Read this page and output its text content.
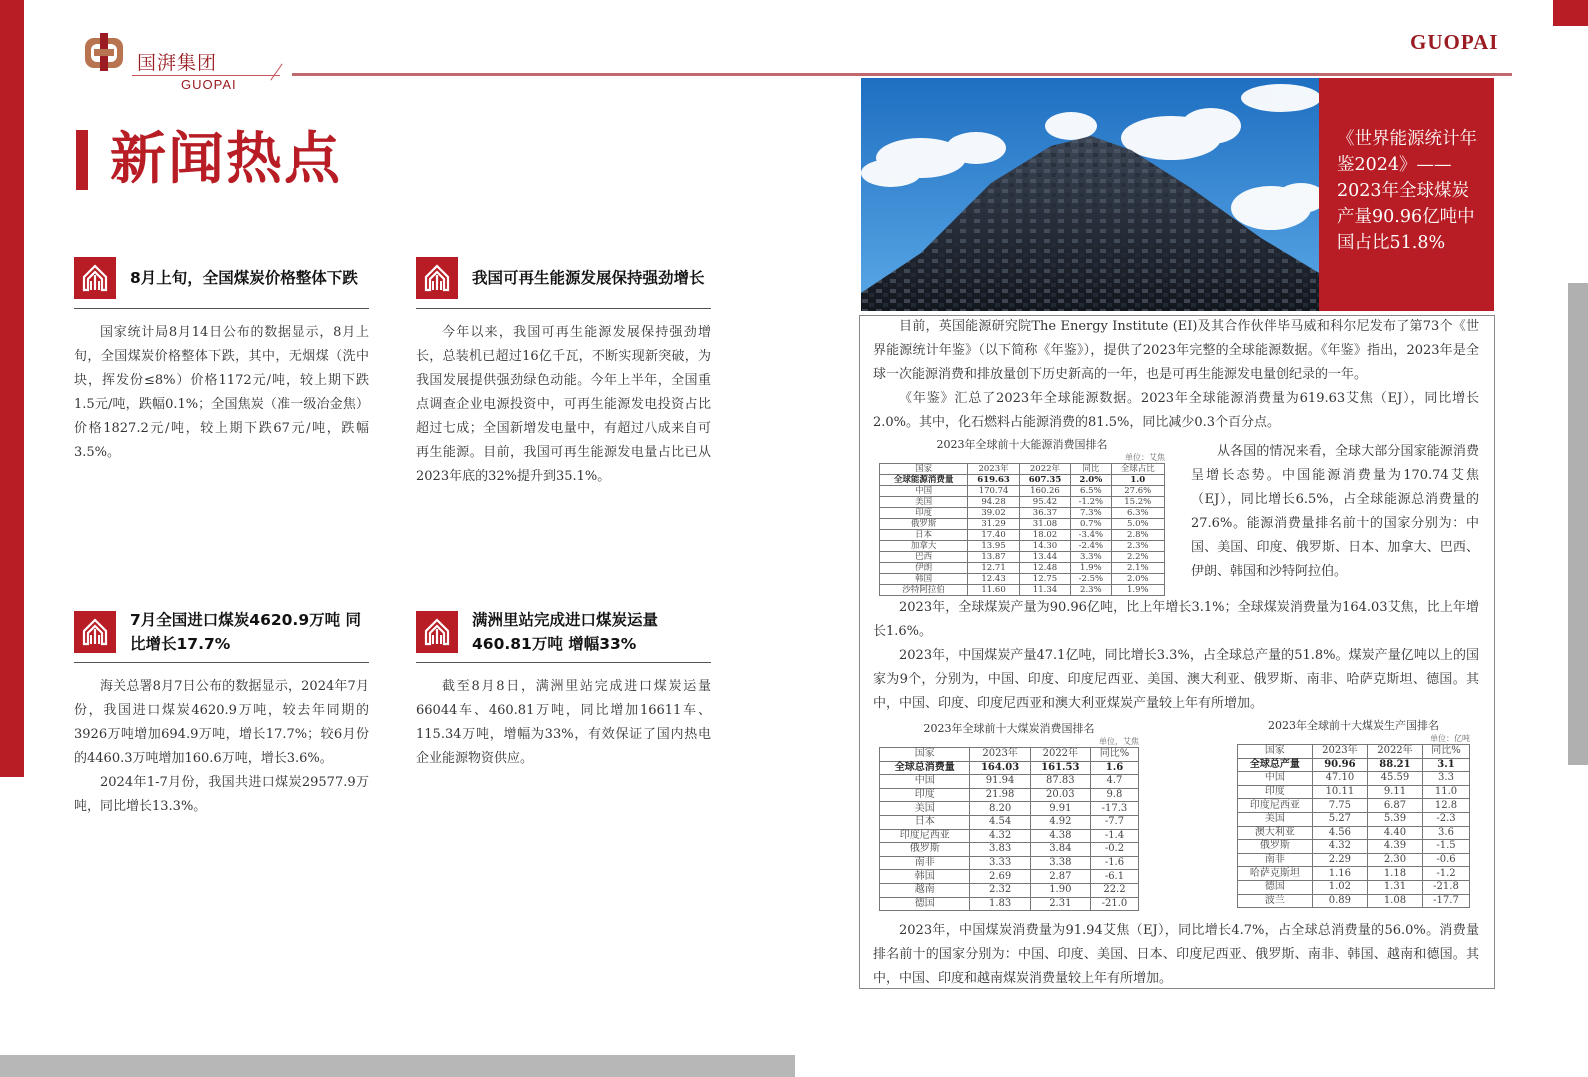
国湃集团
GUOPAI
GUOPAI
新闻热点
8月上旬，全国煤炭价格整体下跌

国家统计局8月14日公布的数据显示，8月上旬，全国煤炭价格整体下跌，其中，无烟煤（洗中块，挥发份≤8%）价格1172元/吨，较上期下跌1.5元/吨，跌幅0.1%；全国焦炭（准一级冶金焦）价格1827.2元/吨，较上期下跌67元/吨，跌幅3.5%。

我国可再生能源发展保持强劲增长

今年以来，我国可再生能源发展保持强劲增长，总装机已超过16亿千瓦，不断实现新突破，为我国发展提供强劲绿色动能。今年上半年，全国重点调查企业电源投资中，可再生能源发电投资占比超过七成；全国新增发电量中，有超过八成来自可再生能源。目前，我国可再生能源发电量占比已从2023年底的32%提升到35.1%。

7月全国进口煤炭4620.9万吨 同比增长17.7%

海关总署8月7日公布的数据显示，2024年7月份，我国进口煤炭4620.9万吨，较去年同期的3926万吨增加694.9万吨，增长17.7%；较6月份的4460.3万吨增加160.6万吨，增长3.6%。

2024年1-7月份，我国共进口煤炭29577.9万吨，同比增长13.3%。

满洲里站完成进口煤炭运量460.81万吨 增幅33%

截至8月8日，满洲里站完成进口煤炭运量66044车、460.81万吨，同比增加16611车、115.34万吨，增幅为33%，有效保证了国内热电企业能源物资供应。

《世界能源统计年鉴2024》——2023年全球煤炭产量90.96亿吨中国占比51.8%

目前，英国能源研究院The Energy Institute (EI)及其合作伙伴毕马威和科尔尼发布了第73个《世界能源统计年鉴》（以下简称《年鉴》），提供了2023年完整的全球能源数据。《年鉴》指出，2023年是全球一次能源消费和排放量创下历史新高的一年，也是可再生能源发电量创纪录的一年。

《年鉴》汇总了2023年全球能源数据。2023年全球能源消费量为619.63艾焦（EJ），同比增长2.0%。其中，化石燃料占能源消费的81.5%，同比减少0.3个百分点。

2023年全球前十大能源消费国排名
单位：艾焦
国家	2023年	2022年	同比	全球占比
全球能源消费量	619.63	607.35	2.0%	1.0
中国	170.74	160.26	6.5%	27.6%
美国	94.28	95.42	-1.2%	15.2%
印度	39.02	36.37	7.3%	6.3%
俄罗斯	31.29	31.08	0.7%	5.0%
日本	17.40	18.02	-3.4%	2.8%
加拿大	13.95	14.30	-2.4%	2.3%
巴西	13.87	13.44	3.3%	2.2%
伊朗	12.71	12.48	1.9%	2.1%
韩国	12.43	12.75	-2.5%	2.0%
沙特阿拉伯	11.60	11.34	2.3%	1.9%

从各国的情况来看，全球大部分国家能源消费呈增长态势。中国能源消费量为170.74艾焦（EJ），同比增长6.5%，占全球能源总消费量的27.6%。能源消费量排名前十的国家分别为：中国、美国、印度、俄罗斯、日本、加拿大、巴西、伊朗、韩国和沙特阿拉伯。

2023年，全球煤炭产量为90.96亿吨，比上年增长3.1%；全球煤炭消费量为164.03艾焦，比上年增长1.6%。

2023年，中国煤炭产量47.1亿吨，同比增长3.3%，占全球总产量的51.8%。煤炭产量亿吨以上的国家为9个，分别为，中国、印度、印度尼西亚、美国、澳大利亚、俄罗斯、南非、哈萨克斯坦、德国。其中，中国、印度、印度尼西亚和澳大利亚煤炭产量较上年有所增加。

2023年全球前十大煤炭消费国排名
单位，艾焦
国家	2023年	2022年	同比%
全球总消费量	164.03	161.53	1.6
中国	91.94	87.83	4.7
印度	21.98	20.03	9.8
美国	8.20	9.91	-17.3
日本	4.54	4.92	-7.7
印度尼西亚	4.32	4.38	-1.4
俄罗斯	3.83	3.84	-0.2
南非	3.33	3.38	-1.6
韩国	2.69	2.87	-6.1
越南	2.32	1.90	22.2
德国	1.83	2.31	-21.0
2023年全球前十大煤炭生产国排名
单位：亿吨
国家	2023年	2022年	同比%
全球总产量	90.96	88.21	3.1
中国	47.10	45.59	3.3
印度	10.11	9.11	11.0
印度尼西亚	7.75	6.87	12.8
美国	5.27	5.39	-2.3
澳大利亚	4.56	4.40	3.6
俄罗斯	4.32	4.39	-1.5
南非	2.29	2.30	-0.6
哈萨克斯坦	1.16	1.18	-1.2
德国	1.02	1.31	-21.8
波兰	0.89	1.08	-17.7

2023年，中国煤炭消费量为91.94艾焦（EJ），同比增长4.7%，占全球总消费量的56.0%。消费量排名前十的国家分别为：中国、印度、美国、日本、印度尼西亚、俄罗斯、南非、韩国、越南和德国。其中，中国、印度和越南煤炭消费量较上年有所增加。
